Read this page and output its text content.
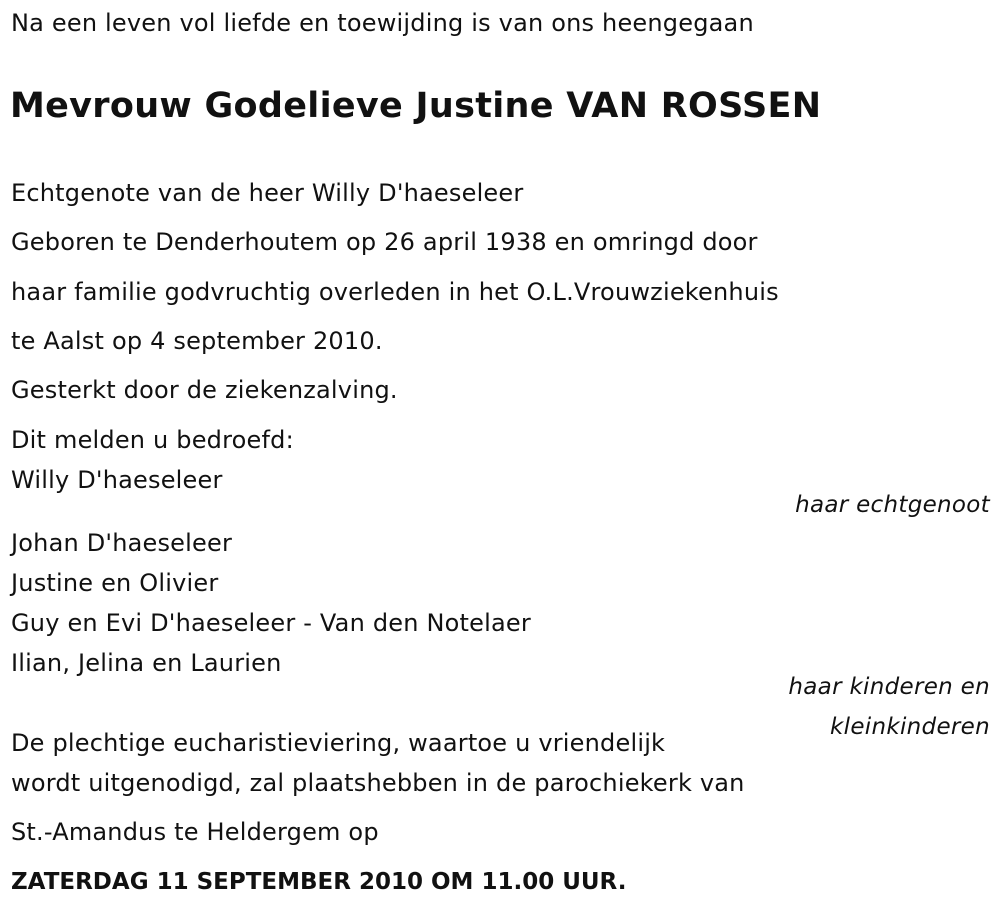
Na een leven vol liefde en toewijding is van ons heengegaan

Mevrouw Godelieve Justine VAN ROSSEN

Echtgenote van de heer Willy D'haeseleer

Geboren te Denderhoutem op 26 april 1938 en omringd door

haar familie godvruchtig overleden in het O.L.Vrouwziekenhuis

te Aalst op 4 september 2010.

Gesterkt door de ziekenzalving.

Dit melden u bedroefd:

Willy D'haeseleer

haar echtgenoot

Johan D'haeseleer

Justine en Olivier

Guy en Evi D'haeseleer - Van den Notelaer

Ilian, Jelina en Laurien

haar kinderen en

kleinkinderen

De plechtige eucharistieviering, waartoe u vriendelijk

wordt uitgenodigd, zal plaatshebben in de parochiekerk van

St.-Amandus te Heldergem op

ZATERDAG 11 SEPTEMBER 2010 OM 11.00 UUR.
